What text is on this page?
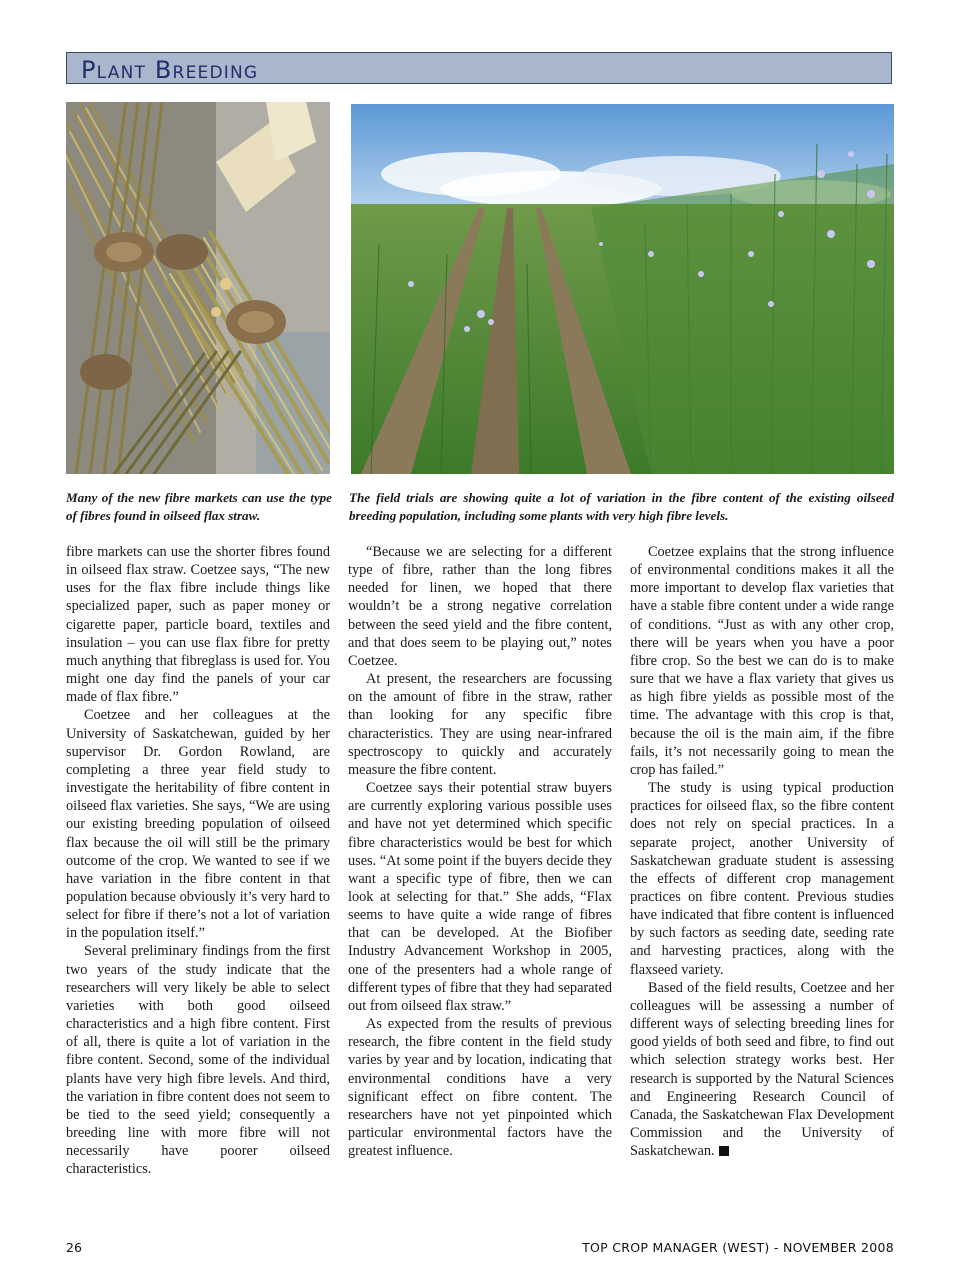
Plant Breeding
Many of the new fibre markets can use the type of fibres found in oilseed flax straw.
The field trials are showing quite a lot of variation in the fibre content of the existing oilseed breeding population, including some plants with very high fibre levels.

fibre markets can use the shorter fibres found in oilseed flax straw. Coetzee says, “The new uses for the flax fibre include things like specialized paper, such as paper money or cigarette paper, particle board, textiles and insulation – you can use flax fibre for pretty much anything that fibreglass is used for. You might one day find the panels of your car made of flax fibre.”

Coetzee and her colleagues at the University of Saskatchewan, guided by her supervisor Dr. Gordon Rowland, are completing a three year field study to investigate the heritability of fibre content in oilseed flax varieties. She says, “We are using our existing breeding population of oilseed flax because the oil will still be the primary outcome of the crop. We wanted to see if we have variation in the fibre content in that population because obviously it’s very hard to select for fibre if there’s not a lot of variation in the population itself.”

Several preliminary findings from the first two years of the study indicate that the researchers will very likely be able to select varieties with both good oilseed characteristics and a high fibre content. First of all, there is quite a lot of variation in the fibre content. Second, some of the individual plants have very high fibre levels. And third, the variation in fibre content does not seem to be tied to the seed yield; consequently a breeding line with more fibre will not necessarily have poorer oilseed characteristics.

“Because we are selecting for a different type of fibre, rather than the long fibres needed for linen, we hoped that there wouldn’t be a strong negative correlation between the seed yield and the fibre content, and that does seem to be playing out,” notes Coetzee.

At present, the researchers are focussing on the amount of fibre in the straw, rather than looking for any specific fibre characteristics. They are using near-infrared spectroscopy to quickly and accurately measure the fibre content.

Coetzee says their potential straw buyers are currently exploring various possible uses and have not yet determined which specific fibre characteristics would be best for which uses. “At some point if the buyers decide they want a specific type of fibre, then we can look at selecting for that.” She adds, “Flax seems to have quite a wide range of fibres that can be developed. At the Biofiber Industry Advancement Workshop in 2005, one of the presenters had a whole range of different types of fibre that they had separated out from oilseed flax straw.”

As expected from the results of previous research, the fibre content in the field study varies by year and by location, indicating that environmental conditions have a very significant effect on fibre content. The researchers have not yet pinpointed which particular environmental factors have the greatest influence.

Coetzee explains that the strong influence of environmental conditions makes it all the more important to develop flax varieties that have a stable fibre content under a wide range of conditions. “Just as with any other crop, there will be years when you have a poor fibre crop. So the best we can do is to make sure that we have a flax variety that gives us as high fibre yields as possible most of the time. The advantage with this crop is that, because the oil is the main aim, if the fibre fails, it’s not necessarily going to mean the crop has failed.”

The study is using typical production practices for oilseed flax, so the fibre content does not rely on special practices. In a separate project, another University of Saskatchewan graduate student is assessing the effects of different crop management practices on fibre content. Previous studies have indicated that fibre content is influenced by such factors as seeding date, seeding rate and harvesting practices, along with the flaxseed variety.

Based of the field results, Coetzee and her colleagues will be assessing a number of different ways of selecting breeding lines for good yields of both seed and fibre, to find out which selection strategy works best. Her research is supported by the Natural Sciences and Engineering Research Council of Canada, the Saskatchewan Flax Development Commission and the University of Saskatchewan.

26	TOP CROP MANAGER (WEST) - NOVEMBER 2008
